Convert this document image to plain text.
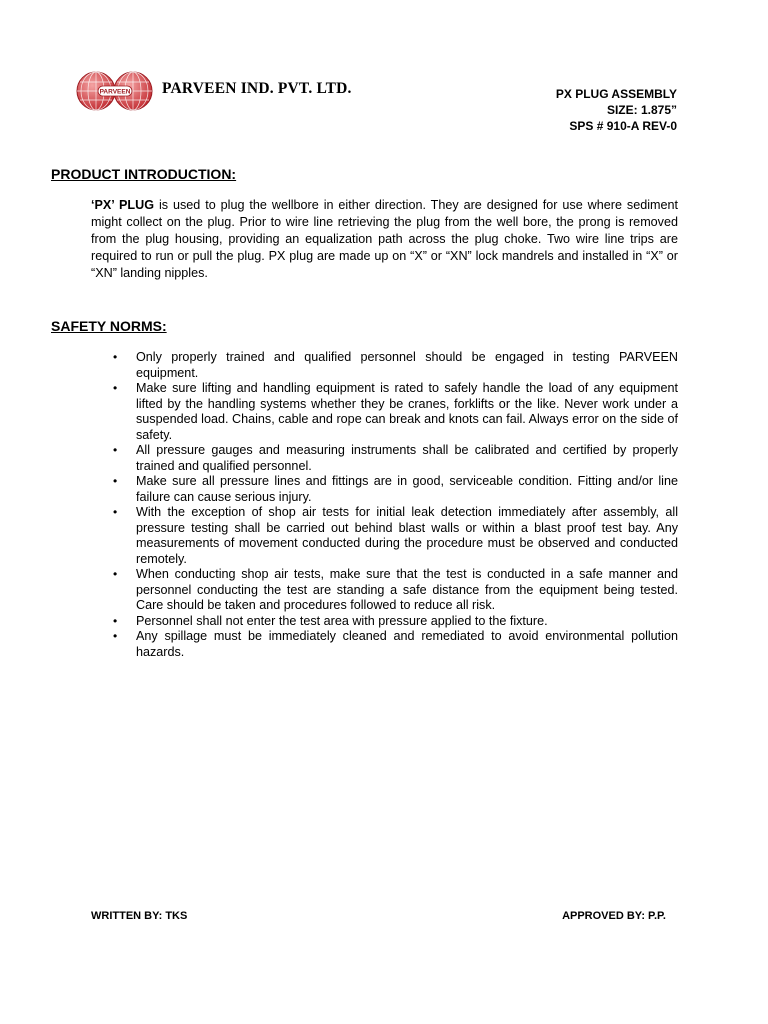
PARVEEN PARVEEN IND. PVT. LTD.	PX PLUG ASSEMBLY
SIZE: 1.875”
SPS # 910-A REV-0
PRODUCT INTRODUCTION:
‘PX’ PLUG is used to plug the wellbore in either direction. They are designed for use where sediment might collect on the plug. Prior to wire line retrieving the plug from the well bore, the prong is removed from the plug housing, providing an equalization path across the plug choke. Two wire line trips are required to run or pull the plug. PX plug are made up on “X” or “XN” lock mandrels and installed in “X” or “XN” landing nipples.
SAFETY NORMS:
• Only properly trained and qualified personnel should be engaged in testing PARVEEN equipment.
• Make sure lifting and handling equipment is rated to safely handle the load of any equipment lifted by the handling systems whether they be cranes, forklifts or the like. Never work under a suspended load. Chains, cable and rope can break and knots can fail. Always error on the side of safety.
• All pressure gauges and measuring instruments shall be calibrated and certified by properly trained and qualified personnel.
• Make sure all pressure lines and fittings are in good, serviceable condition. Fitting and/or line failure can cause serious injury.
• With the exception of shop air tests for initial leak detection immediately after assembly, all pressure testing shall be carried out behind blast walls or within a blast proof test bay. Any measurements of movement conducted during the procedure must be observed and conducted remotely.
• When conducting shop air tests, make sure that the test is conducted in a safe manner and personnel conducting the test are standing a safe distance from the equipment being tested. Care should be taken and procedures followed to reduce all risk.
• Personnel shall not enter the test area with pressure applied to the fixture.
• Any spillage must be immediately cleaned and remediated to avoid environmental pollution hazards.
WRITTEN BY: TKS	APPROVED BY: P.P.
